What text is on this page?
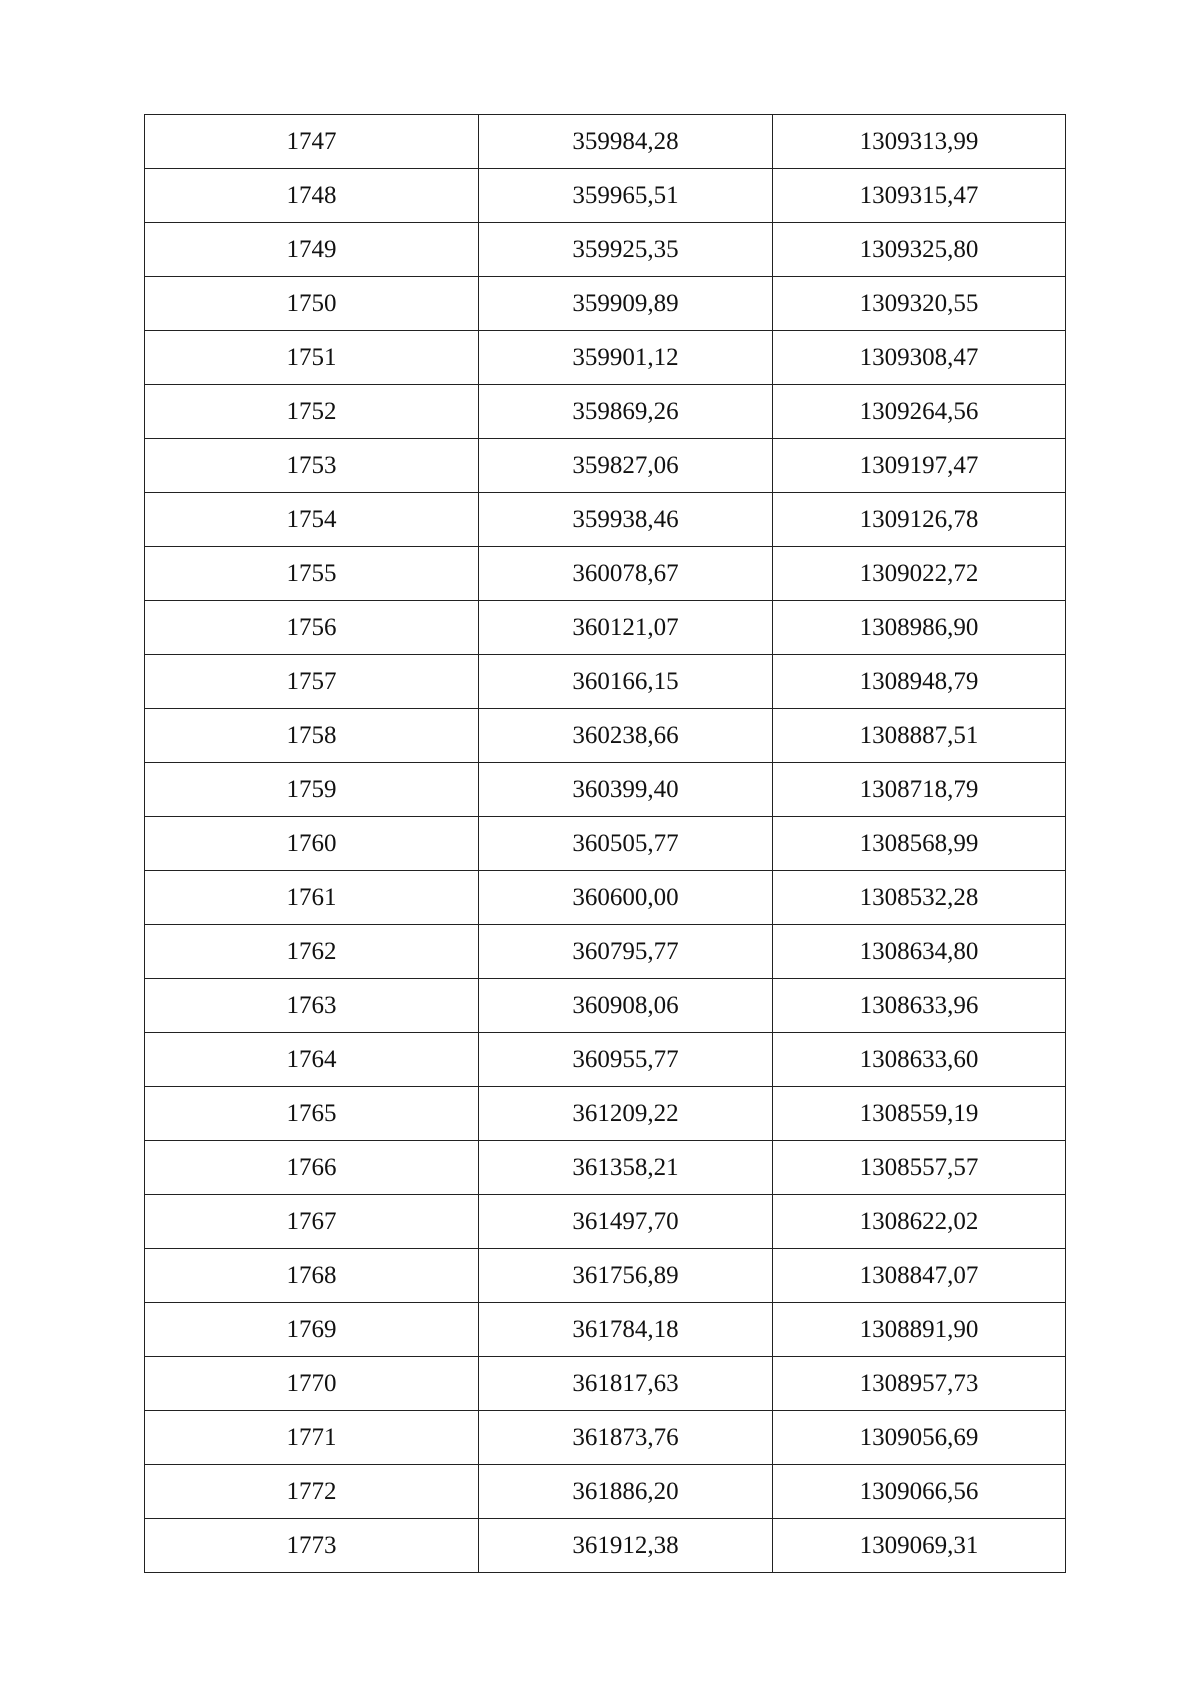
1747	359984,28	1309313,99
1748	359965,51	1309315,47
1749	359925,35	1309325,80
1750	359909,89	1309320,55
1751	359901,12	1309308,47
1752	359869,26	1309264,56
1753	359827,06	1309197,47
1754	359938,46	1309126,78
1755	360078,67	1309022,72
1756	360121,07	1308986,90
1757	360166,15	1308948,79
1758	360238,66	1308887,51
1759	360399,40	1308718,79
1760	360505,77	1308568,99
1761	360600,00	1308532,28
1762	360795,77	1308634,80
1763	360908,06	1308633,96
1764	360955,77	1308633,60
1765	361209,22	1308559,19
1766	361358,21	1308557,57
1767	361497,70	1308622,02
1768	361756,89	1308847,07
1769	361784,18	1308891,90
1770	361817,63	1308957,73
1771	361873,76	1309056,69
1772	361886,20	1309066,56
1773	361912,38	1309069,31
